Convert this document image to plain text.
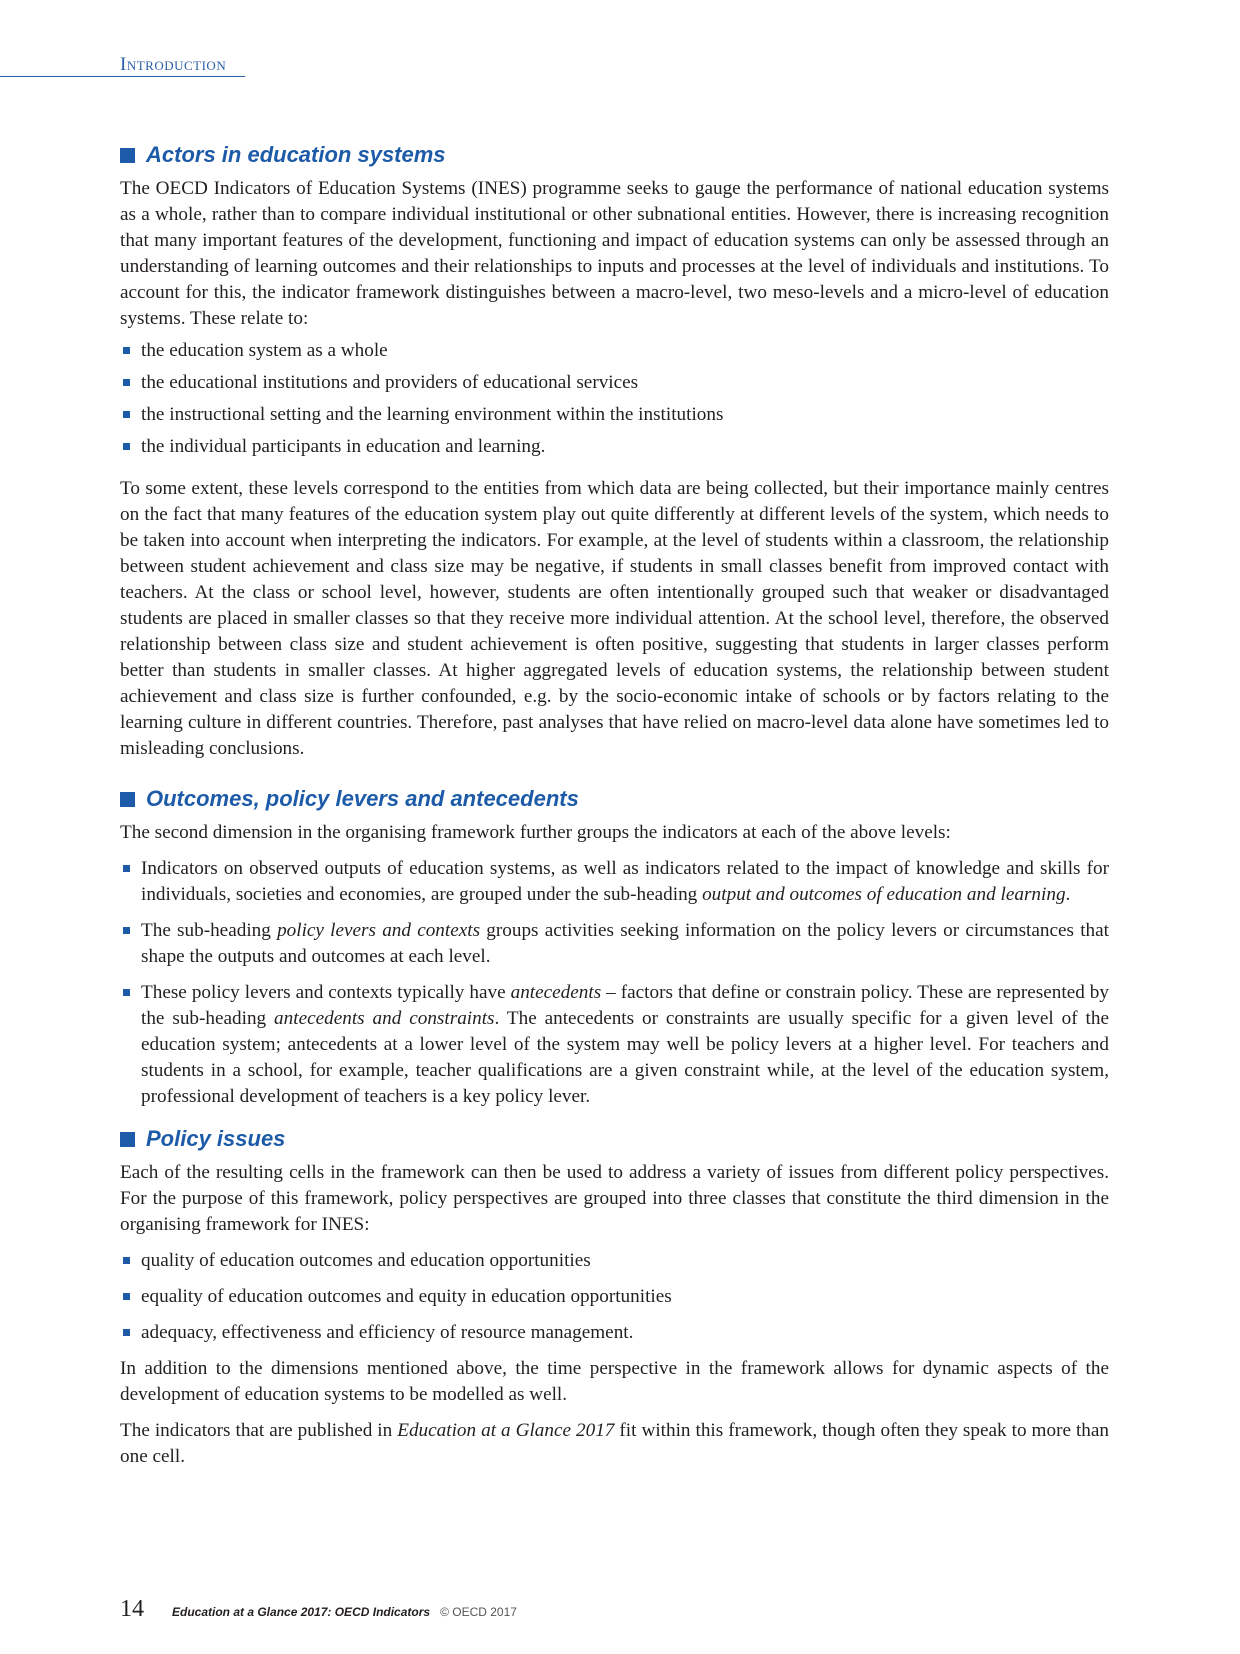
Introduction
Actors in education systems

The OECD Indicators of Education Systems (INES) programme seeks to gauge the performance of national education systems as a whole, rather than to compare individual institutional or other subnational entities. However, there is increasing recognition that many important features of the development, functioning and impact of education systems can only be assessed through an understanding of learning outcomes and their relationships to inputs and processes at the level of individuals and institutions. To account for this, the indicator framework distinguishes between a macro-level, two meso-levels and a micro-level of education systems. These relate to:

the education system as a whole
the educational institutions and providers of educational services
the instructional setting and the learning environment within the institutions
the individual participants in education and learning.

To some extent, these levels correspond to the entities from which data are being collected, but their importance mainly centres on the fact that many features of the education system play out quite differently at different levels of the system, which needs to be taken into account when interpreting the indicators. For example, at the level of students within a classroom, the relationship between student achievement and class size may be negative, if students in small classes benefit from improved contact with teachers. At the class or school level, however, students are often intentionally grouped such that weaker or disadvantaged students are placed in smaller classes so that they receive more individual attention. At the school level, therefore, the observed relationship between class size and student achievement is often positive, suggesting that students in larger classes perform better than students in smaller classes. At higher aggregated levels of education systems, the relationship between student achievement and class size is further confounded, e.g. by the socio-economic intake of schools or by factors relating to the learning culture in different countries. Therefore, past analyses that have relied on macro-level data alone have sometimes led to misleading conclusions.

Outcomes, policy levers and antecedents

The second dimension in the organising framework further groups the indicators at each of the above levels:

Indicators on observed outputs of education systems, as well as indicators related to the impact of knowledge and skills for individuals, societies and economies, are grouped under the sub-heading output and outcomes of education and learning.
The sub-heading policy levers and contexts groups activities seeking information on the policy levers or circumstances that shape the outputs and outcomes at each level.
These policy levers and contexts typically have antecedents – factors that define or constrain policy. These are represented by the sub-heading antecedents and constraints. The antecedents or constraints are usually specific for a given level of the education system; antecedents at a lower level of the system may well be policy levers at a higher level. For teachers and students in a school, for example, teacher qualifications are a given constraint while, at the level of the education system, professional development of teachers is a key policy lever.
Policy issues

Each of the resulting cells in the framework can then be used to address a variety of issues from different policy perspectives. For the purpose of this framework, policy perspectives are grouped into three classes that constitute the third dimension in the organising framework for INES:

quality of education outcomes and education opportunities
equality of education outcomes and equity in education opportunities
adequacy, effectiveness and efficiency of resource management.

In addition to the dimensions mentioned above, the time perspective in the framework allows for dynamic aspects of the development of education systems to be modelled as well.

The indicators that are published in Education at a Glance 2017 fit within this framework, though often they speak to more than one cell.

14 Education at a Glance 2017: OECD Indicators © OECD 2017
